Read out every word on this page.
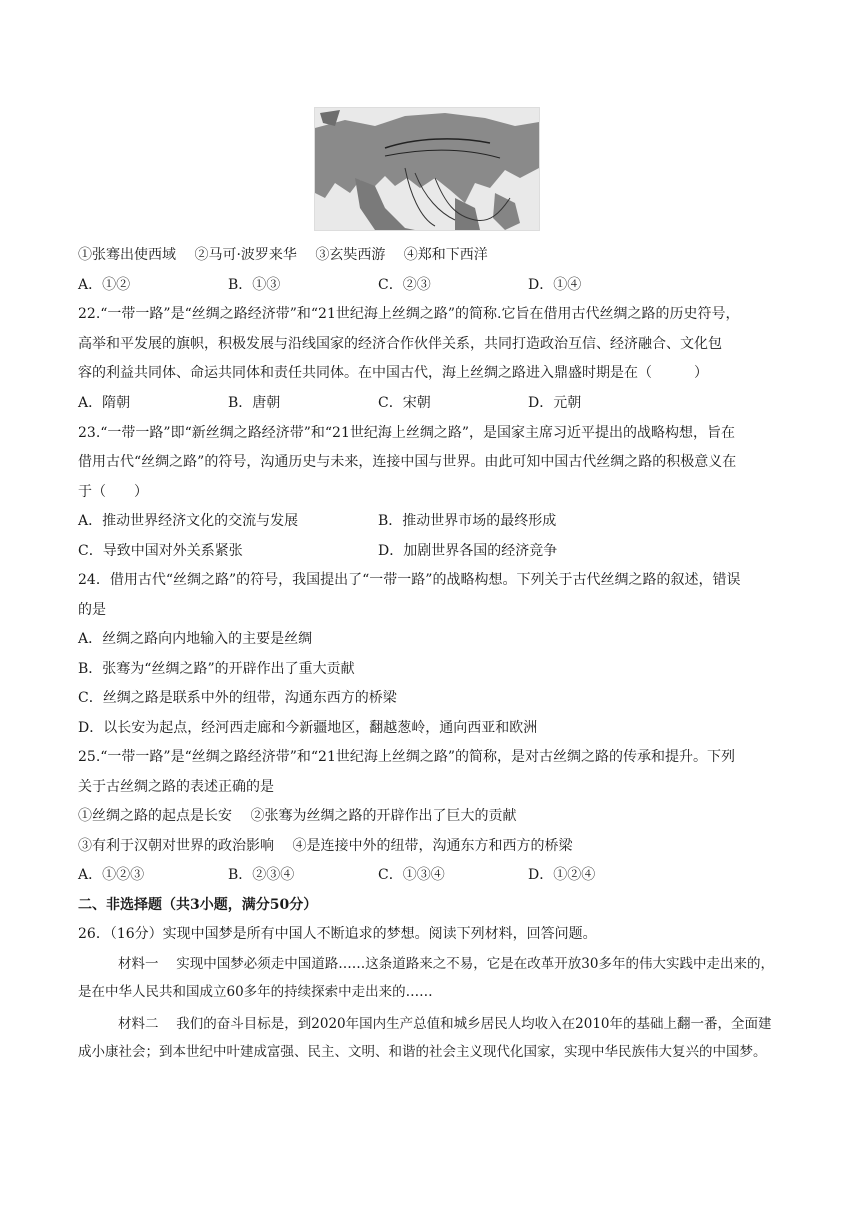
①张骞出使西域　 ②马可·波罗来华　 ③玄奘西游　 ④郑和下西洋
A．①②	B．①③	C．②③	D．①④
22.“一带一路”是“丝绸之路经济带”和“21世纪海上丝绸之路”的简称.它旨在借用古代丝绸之路的历史符号，
高举和平发展的旗帜，积极发展与沿线国家的经济合作伙伴关系，共同打造政治互信、经济融合、文化包
容的利益共同体、命运共同体和责任共同体。在中国古代，海上丝绸之路进入鼎盛时期是在（　　　）
A．隋朝	B．唐朝	C．宋朝	D．元朝
23.“一带一路”即“新丝绸之路经济带”和“21世纪海上丝绸之路”，是国家主席习近平提出的战略构想，旨在
借用古代“丝绸之路”的符号，沟通历史与未来，连接中国与世界。由此可知中国古代丝绸之路的积极意义在
于（　　）
A．推动世界经济文化的交流与发展	B．推动世界市场的最终形成
C．导致中国对外关系紧张	D．加剧世界各国的经济竞争
24．借用古代“丝绸之路”的符号，我国提出了“一带一路”的战略构想。下列关于古代丝绸之路的叙述，错误
的是
A．丝绸之路向内地输入的主要是丝绸
B．张骞为“丝绸之路”的开辟作出了重大贡献
C．丝绸之路是联系中外的纽带，沟通东西方的桥梁
D．以长安为起点，经河西走廊和今新疆地区，翻越葱岭，通向西亚和欧洲
25.“一带一路”是“丝绸之路经济带”和“21世纪海上丝绸之路”的简称，是对古丝绸之路的传承和提升。下列
关于古丝绸之路的表述正确的是
①丝绸之路的起点是长安　 ②张骞为丝绸之路的开辟作出了巨大的贡献
③有利于汉朝对世界的政治影响　 ④是连接中外的纽带，沟通东方和西方的桥梁
A．①②③	B．②③④	C．①③④	D．①②④
二、非选择题（共3小题，满分50分）
26．（16分）实现中国梦是所有中国人不断追求的梦想。阅读下列材料，回答问题。
材料一　 实现中国梦必须走中国道路……这条道路来之不易，它是在改革开放30多年的伟大实践中走出来的，是在中华人民共和国成立60多年的持续探索中走出来的……
材料二　 我们的奋斗目标是，到2020年国内生产总值和城乡居民人均收入在2010年的基础上翻一番，全面建成小康社会；到本世纪中叶建成富强、民主、文明、和谐的社会主义现代化国家，实现中华民族伟大复兴的中国梦。
